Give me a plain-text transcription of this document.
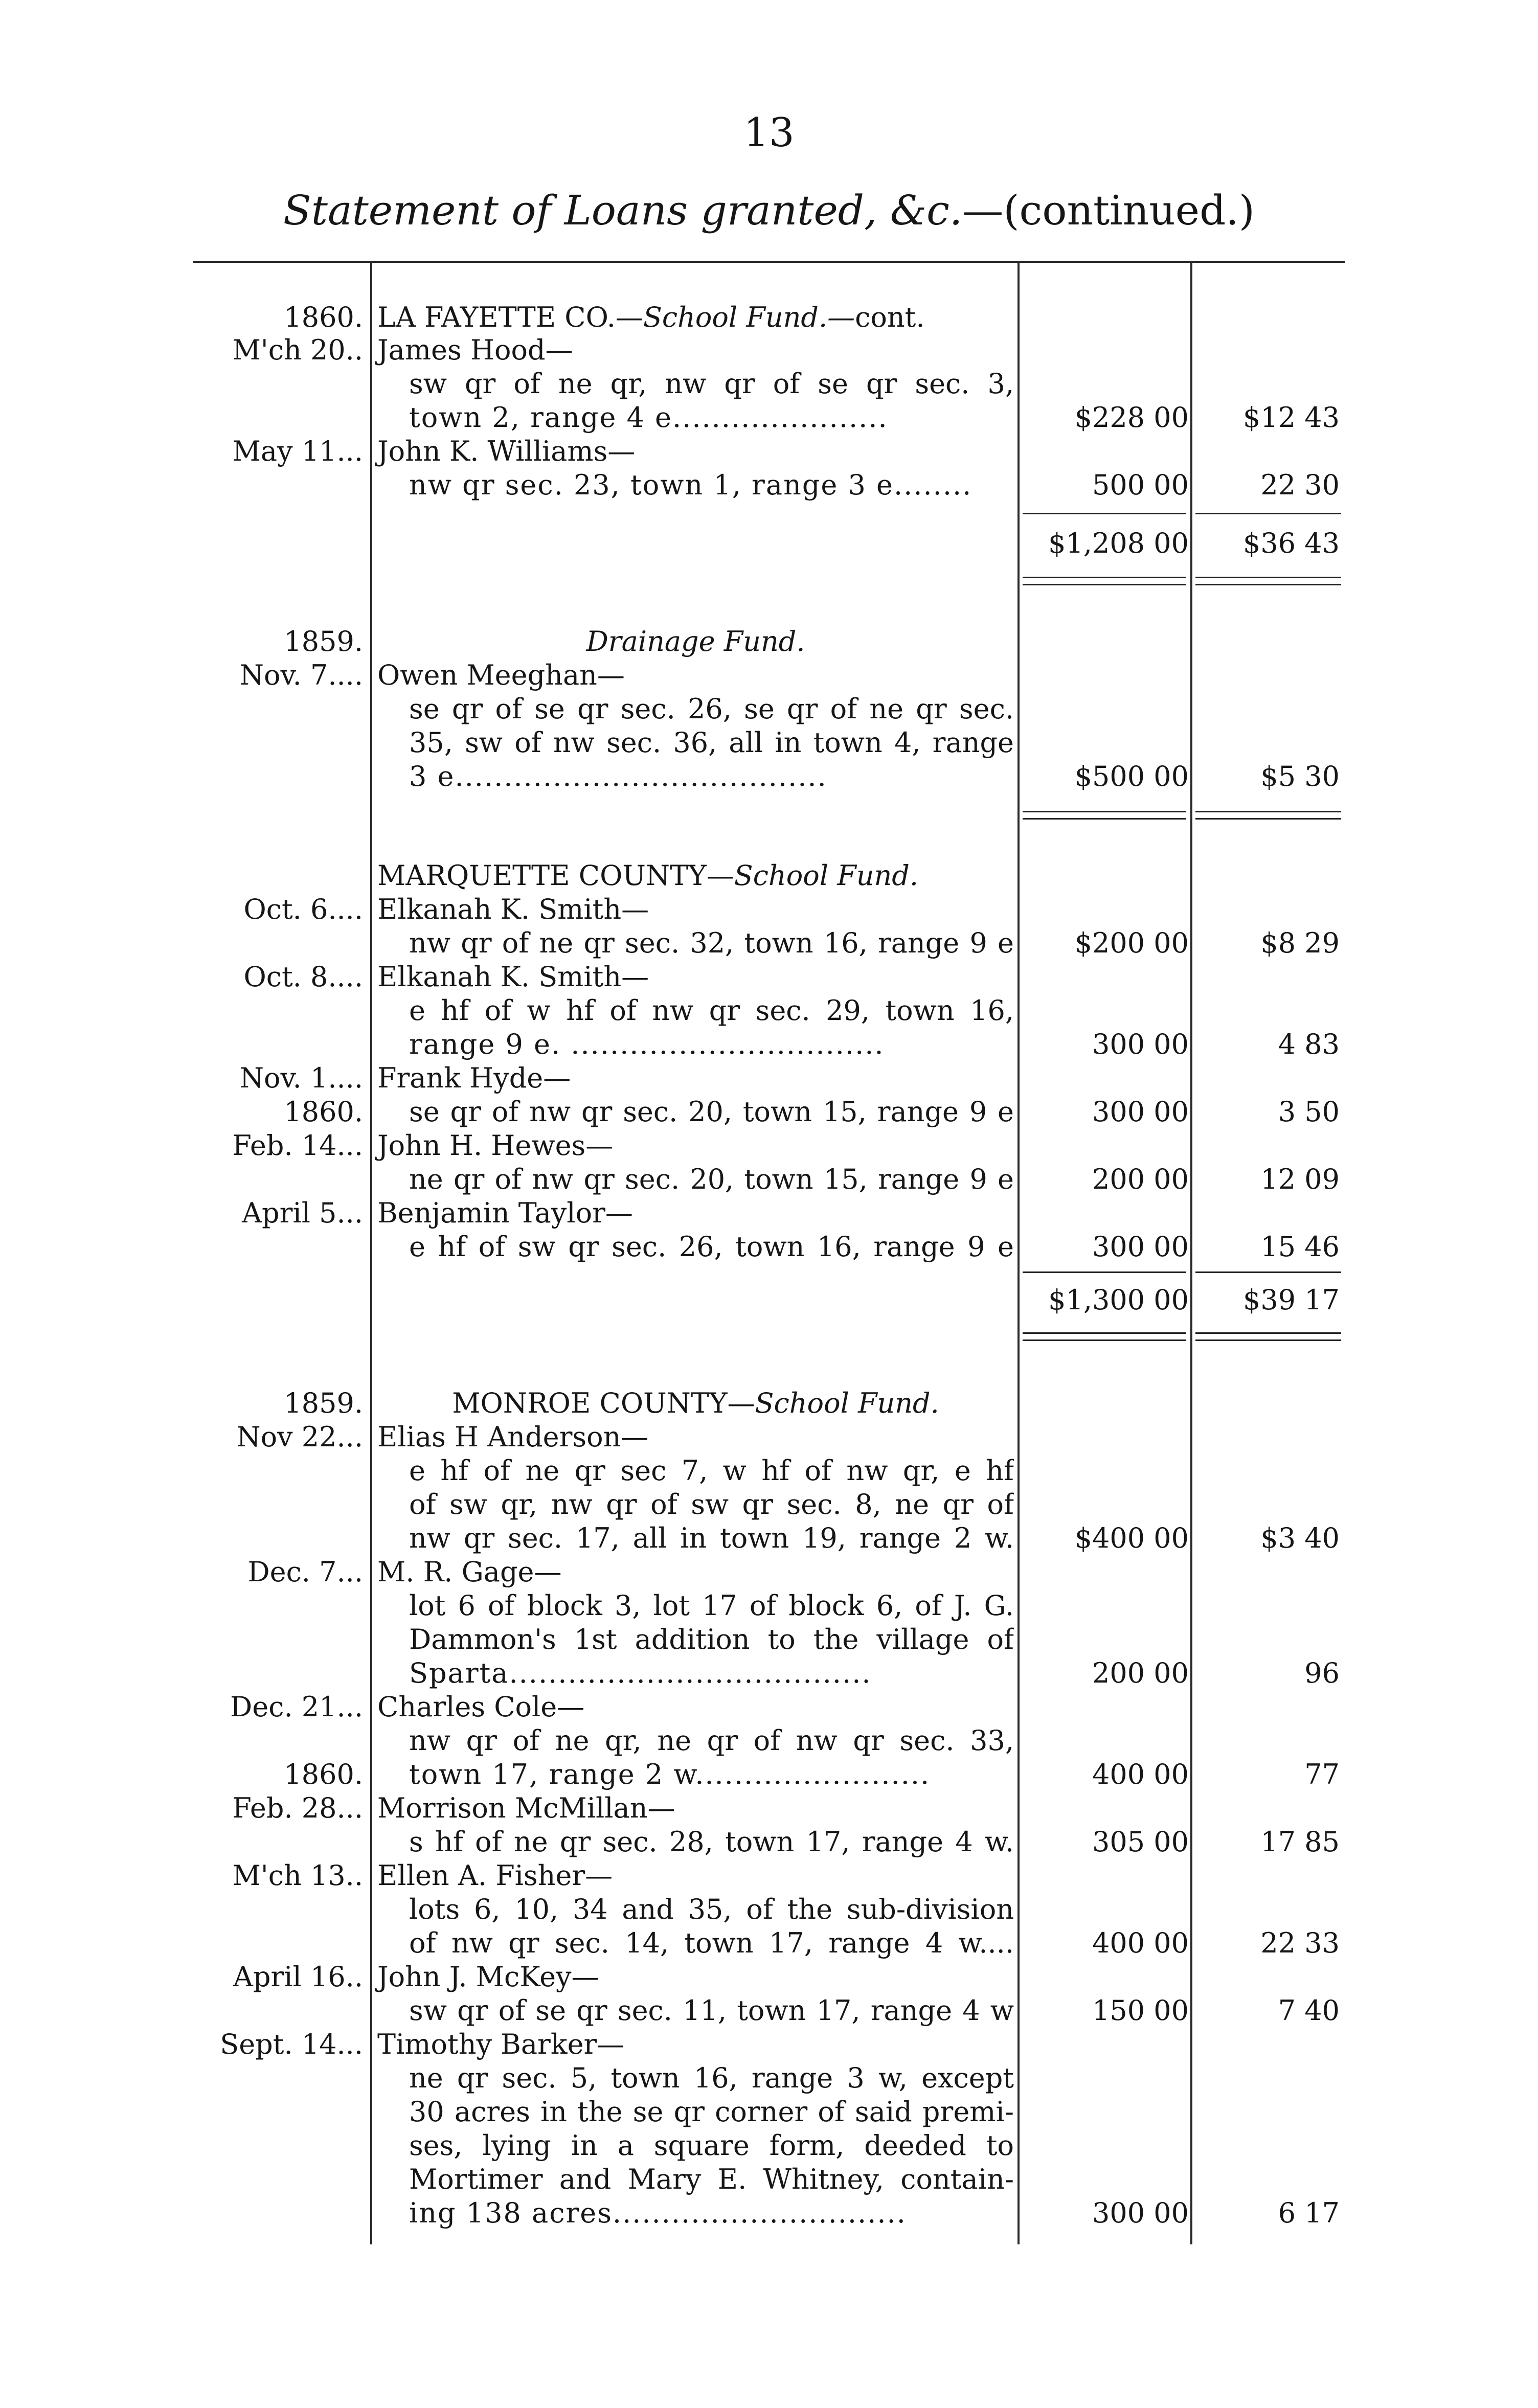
13
Statement of Loans granted, &c.—(continued.)
1860. LA FAYETTE CO.—School Fund.—cont.
M'ch 20.. James Hood—
sw qr of ne qr, nw qr of se qr sec. 3,
town 2, range 4 e......................	$228 00	$12 43
May 11... John K. Williams—
nw qr sec. 23, town 1, range 3 e........	500 00	22 30
$1,208 00	$36 43
1859.	Drainage Fund.
Nov. 7.... Owen Meeghan—
se qr of se qr sec. 26, se qr of ne qr sec.
35, sw of nw sec. 36, all in town 4, range
3 e......................................	$500 00	$5 30
MARQUETTE COUNTY—School Fund.
Oct. 6.... Elkanah K. Smith—
nw qr of ne qr sec. 32, town 16, range 9 e	$200 00	$8 29
Oct. 8.... Elkanah K. Smith—
e hf of w hf of nw qr sec. 29, town 16,
range 9 e. ................................	300 00	4 83
Nov. 1.... Frank Hyde—
1860. se qr of nw qr sec. 20, town 15, range 9 e	300 00	3 50
Feb. 14... John H. Hewes—
ne qr of nw qr sec. 20, town 15, range 9 e	200 00	12 09
April 5... Benjamin Taylor—
e hf of sw qr sec. 26, town 16, range 9 e	300 00	15 46
$1,300 00	$39 17
1859.	MONROE COUNTY—School Fund.
Nov 22... Elias H Anderson—
e hf of ne qr sec 7, w hf of nw qr, e hf
of sw qr, nw qr of sw qr sec. 8, ne qr of
nw qr sec. 17, all in town 19, range 2 w.	$400 00	$3 40
Dec. 7... M. R. Gage—
lot 6 of block 3, lot 17 of block 6, of J. G.
Dammon's 1st addition to the village of
Sparta.....................................	200 00	96
Dec. 21... Charles Cole—
nw qr of ne qr, ne qr of nw qr sec. 33,
1860. town 17, range 2 w........................	400 00	77
Feb. 28... Morrison McMillan—
s hf of ne qr sec. 28, town 17, range 4 w.	305 00	17 85
M'ch 13.. Ellen A. Fisher—
lots 6, 10, 34 and 35, of the sub-division
of nw qr sec. 14, town 17, range 4 w....	400 00	22 33
April 16.. John J. McKey—
sw qr of se qr sec. 11, town 17, range 4 w	150 00	7 40
Sept. 14... Timothy Barker—
ne qr sec. 5, town 16, range 3 w, except
30 acres in the se qr corner of said premi-
ses, lying in a square form, deeded to
Mortimer and Mary E. Whitney, contain-
ing 138 acres..............................	300 00	6 17
